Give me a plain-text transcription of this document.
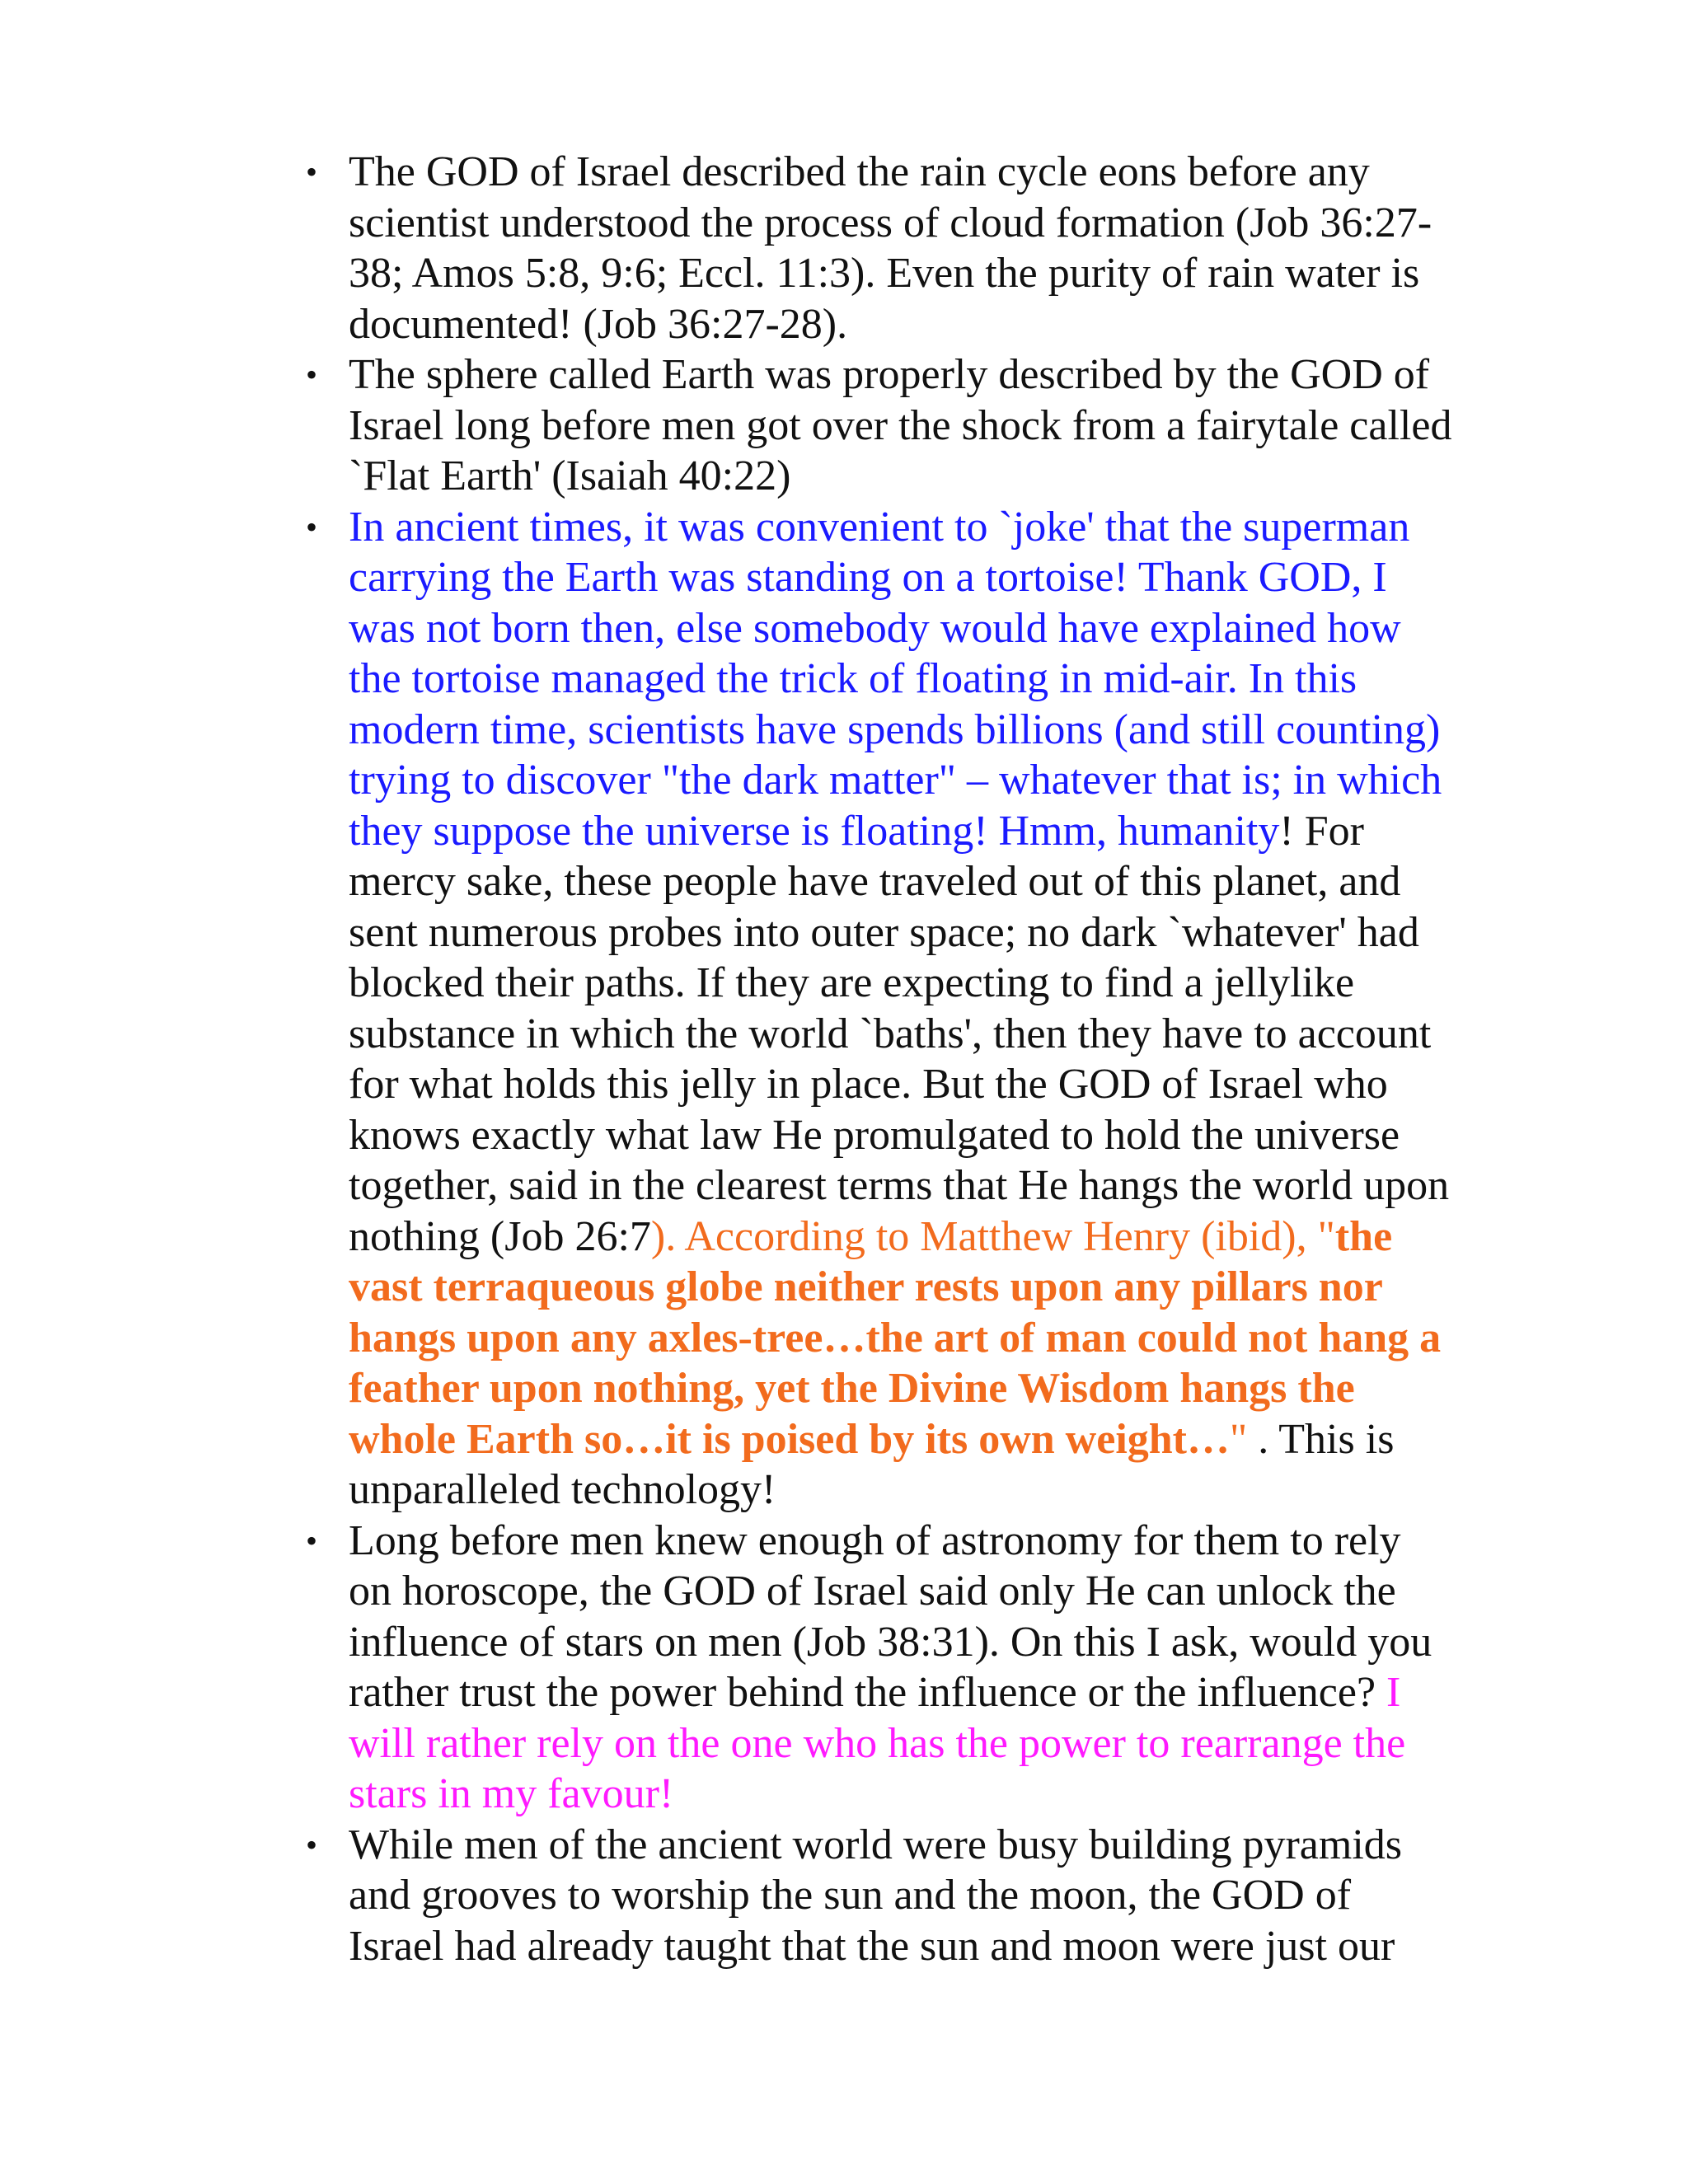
• The GOD of Israel described the rain cycle eons before any scientist understood the process of cloud formation (Job 36:27-38; Amos 5:8, 9:6; Eccl. 11:3). Even the purity of rain water is documented! (Job 36:27-28).
• The sphere called Earth was properly described by the GOD of Israel long before men got over the shock from a fairytale called `Flat Earth' (Isaiah 40:22)
• In ancient times, it was convenient to `joke' that the superman carrying the Earth was standing on a tortoise! Thank GOD, I was not born then, else somebody would have explained how the tortoise managed the trick of floating in mid-air. In this modern time, scientists have spends billions (and still counting) trying to discover "the dark matter" – whatever that is; in which they suppose the universe is floating! Hmm, humanity! For mercy sake, these people have traveled out of this planet, and sent numerous probes into outer space; no dark `whatever' had blocked their paths. If they are expecting to find a jellylike substance in which the world `baths', then they have to account for what holds this jelly in place. But the GOD of Israel who knows exactly what law He promulgated to hold the universe together, said in the clearest terms that He hangs the world upon nothing (Job 26:7). According to Matthew Henry (ibid), "the vast terraqueous globe neither rests upon any pillars nor hangs upon any axles-tree…the art of man could not hang a feather upon nothing, yet the Divine Wisdom hangs the whole Earth so…it is poised by its own weight…" . This is unparalleled technology!
• Long before men knew enough of astronomy for them to rely on horoscope, the GOD of Israel said only He can unlock the influence of stars on men (Job 38:31). On this I ask, would you rather trust the power behind the influence or the influence? I will rather rely on the one who has the power to rearrange the stars in my favour!
• While men of the ancient world were busy building pyramids and grooves to worship the sun and the moon, the GOD of Israel had already taught that the sun and moon were just our
